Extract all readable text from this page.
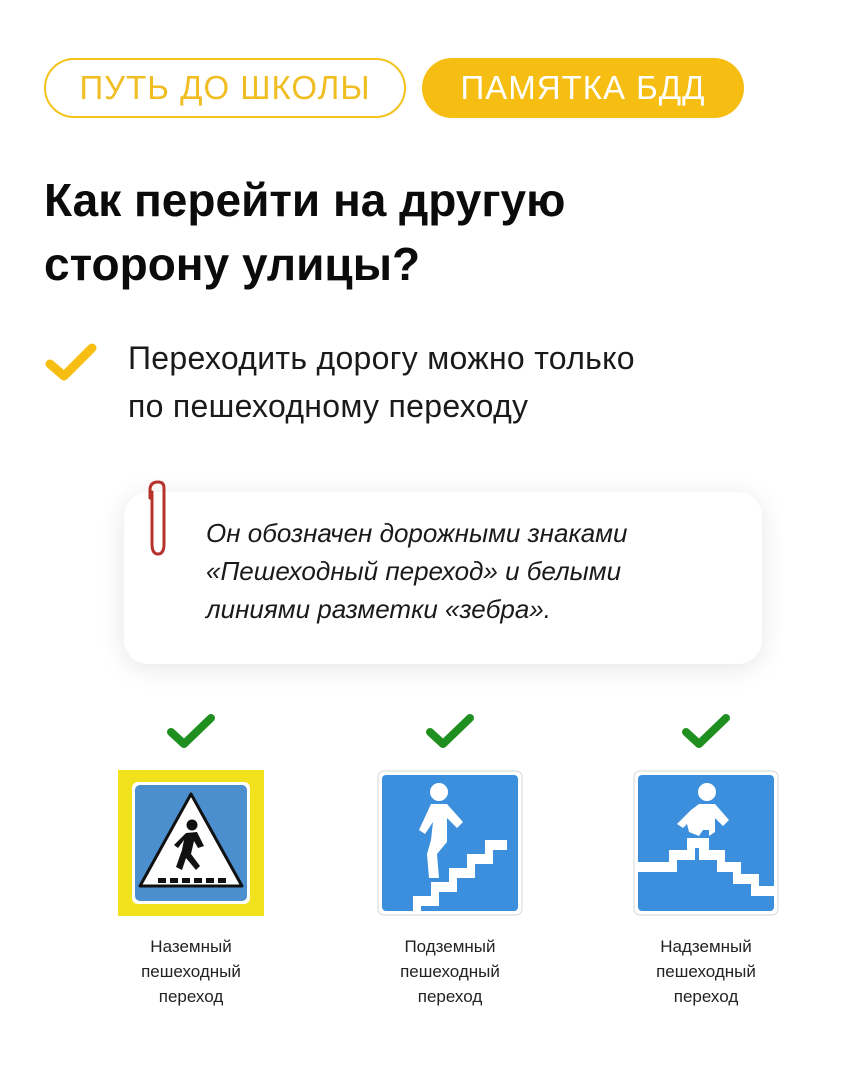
ПУТЬ ДО ШКОЛЫ	ПАМЯТКА БДД
Как перейти на другую
сторону улицы?
Переходить дорогу можно только
по пешеходному переходу
Он обозначен дорожными знаками
«Пешеходный переход» и белыми
линиями разметки «зебра».
Наземный
пешеходный
переход
Подземный
пешеходный
переход
Надземный
пешеходный
переход
